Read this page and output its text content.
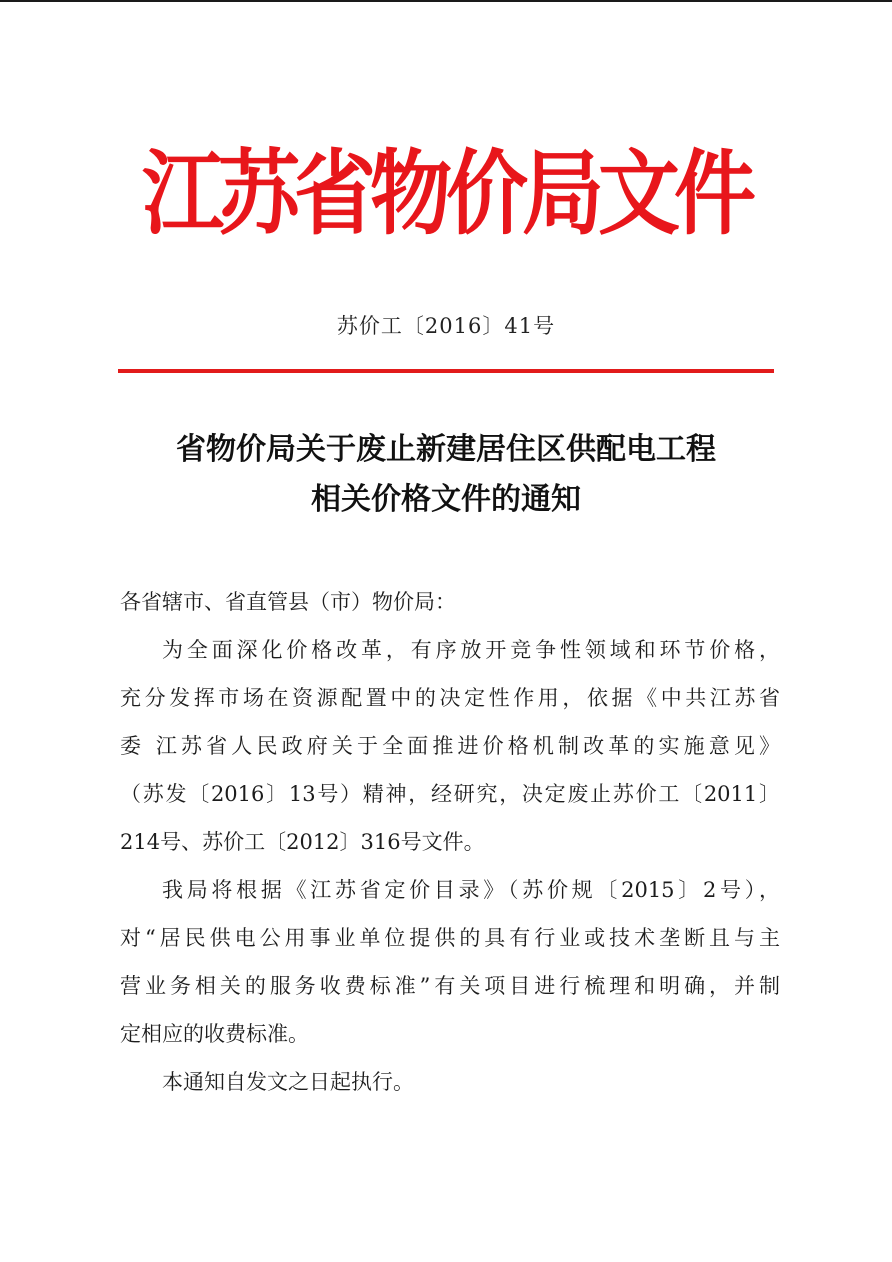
江苏省物价局文件
苏价工〔2016〕41号
省物价局关于废止新建居住区供配电工程
相关价格文件的通知

各省辖市、省直管县（市）物价局：

为全面深化价格改革，有序放开竞争性领域和环节价格，
充分发挥市场在资源配置中的决定性作用，依据《中共江苏省
委 江苏省人民政府关于全面推进价格机制改革的实施意见》
（苏发〔2016〕13号）精神，经研究，决定废止苏价工〔2011〕
214号、苏价工〔2012〕316号文件。
我局将根据《江苏省定价目录》（苏价规〔2015〕2号），
对“居民供电公用事业单位提供的具有行业或技术垄断且与主
营业务相关的服务收费标准”有关项目进行梳理和明确，并制
定相应的收费标准。

本通知自发文之日起执行。
